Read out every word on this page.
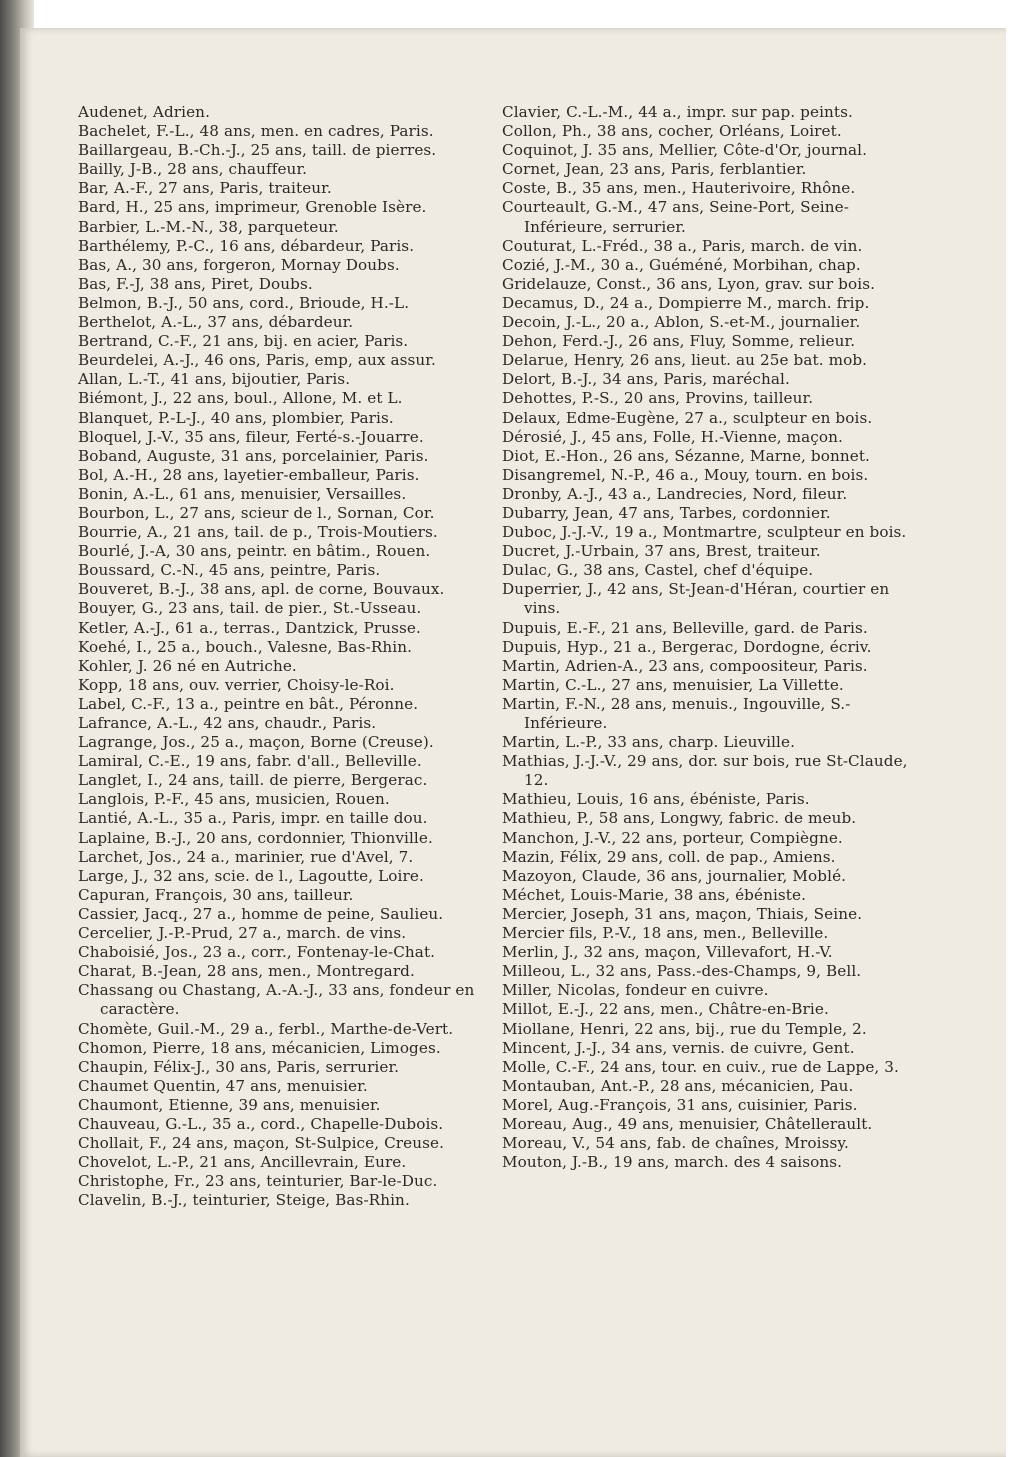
Audenet, Adrien.
Bachelet, F.-L., 48 ans, men. en cadres, Paris.
Baillargeau, B.-Ch.-J., 25 ans, taill. de pierres.
Bailly, J-B., 28 ans, chauffeur.
Bar, A.-F., 27 ans, Paris, traiteur.
Bard, H., 25 ans, imprimeur, Grenoble Isère.
Barbier, L.-M.-N., 38, parqueteur.
Barthélemy, P.-C., 16 ans, débardeur, Paris.
Bas, A., 30 ans, forgeron, Mornay Doubs.
Bas, F.-J, 38 ans, Piret, Doubs.
Belmon, B.-J., 50 ans, cord., Brioude, H.-L.
Berthelot, A.-L., 37 ans, débardeur.
Bertrand, C.-F., 21 ans, bij. en acier, Paris.
Beurdelei, A.-J., 46 ons, Paris, emp, aux assur.
Allan, L.-T., 41 ans, bijoutier, Paris.
Biémont, J., 22 ans, boul., Allone, M. et L.
Blanquet, P.-L-J., 40 ans, plombier, Paris.
Bloquel, J.-V., 35 ans, fileur, Ferté-s.-Jouarre.
Boband, Auguste, 31 ans, porcelainier, Paris.
Bol, A.-H., 28 ans, layetier-emballeur, Paris.
Bonin, A.-L., 61 ans, menuisier, Versailles.
Bourbon, L., 27 ans, scieur de l., Sornan, Cor.
Bourrie, A., 21 ans, tail. de p., Trois-Moutiers.
Bourlé, J.-A, 30 ans, peintr. en bâtim., Rouen.
Boussard, C.-N., 45 ans, peintre, Paris.
Bouveret, B.-J., 38 ans, apl. de corne, Bouvaux.
Bouyer, G., 23 ans, tail. de pier., St.-Usseau.
Ketler, A.-J., 61 a., terras., Dantzick, Prusse.
Koehé, I., 25 a., bouch., Valesne, Bas-Rhin.
Kohler, J. 26 né en Autriche.
Kopp, 18 ans, ouv. verrier, Choisy-le-Roi.
Label, C.-F., 13 a., peintre en bât., Péronne.
Lafrance, A.-L., 42 ans, chaudr., Paris.
Lagrange, Jos., 25 a., maçon, Borne (Creuse).
Lamiral, C.-E., 19 ans, fabr. d'all., Belleville.
Langlet, I., 24 ans, taill. de pierre, Bergerac.
Langlois, P.-F., 45 ans, musicien, Rouen.
Lantié, A.-L., 35 a., Paris, impr. en taille dou.
Laplaine, B.-J., 20 ans, cordonnier, Thionville.
Larchet, Jos., 24 a., marinier, rue d'Avel, 7.
Large, J., 32 ans, scie. de l., Lagoutte, Loire.
Capuran, François, 30 ans, tailleur.
Cassier, Jacq., 27 a., homme de peine, Saulieu.
Cercelier, J.-P.-Prud, 27 a., march. de vins.
Chaboisié, Jos., 23 a., corr., Fontenay-le-Chat.
Charat, B.-Jean, 28 ans, men., Montregard.
Chassang ou Chastang, A.-A.-J., 33 ans, fondeur en caractère.
Chomète, Guil.-M., 29 a., ferbl., Marthe-de-Vert.
Chomon, Pierre, 18 ans, mécanicien, Limoges.
Chaupin, Félix-J., 30 ans, Paris, serrurier.
Chaumet Quentin, 47 ans, menuisier.
Chaumont, Etienne, 39 ans, menuisier.
Chauveau, G.-L., 35 a., cord., Chapelle-Dubois.
Chollait, F., 24 ans, maçon, St-Sulpice, Creuse.
Chovelot, L.-P., 21 ans, Ancillevrain, Eure.
Christophe, Fr., 23 ans, teinturier, Bar-le-Duc.
Clavelin, B.-J., teinturier, Steige, Bas-Rhin.
Clavier, C.-L.-M., 44 a., impr. sur pap. peints.
Collon, Ph., 38 ans, cocher, Orléans, Loiret.
Coquinot, J. 35 ans, Mellier, Côte-d'Or, journal.
Cornet, Jean, 23 ans, Paris, ferblantier.
Coste, B., 35 ans, men., Hauterivoire, Rhône.
Courteault, G.-M., 47 ans, Seine-Port, Seine-Inférieure, serrurier.
Couturat, L.-Fréd., 38 a., Paris, march. de vin.
Cozié, J.-M., 30 a., Guéméné, Morbihan, chap.
Gridelauze, Const., 36 ans, Lyon, grav. sur bois.
Decamus, D., 24 a., Dompierre M., march. frip.
Decoin, J.-L., 20 a., Ablon, S.-et-M., journalier.
Dehon, Ferd.-J., 26 ans, Fluy, Somme, relieur.
Delarue, Henry, 26 ans, lieut. au 25e bat. mob.
Delort, B.-J., 34 ans, Paris, maréchal.
Dehottes, P.-S., 20 ans, Provins, tailleur.
Delaux, Edme-Eugène, 27 a., sculpteur en bois.
Dérosié, J., 45 ans, Folle, H.-Vienne, maçon.
Diot, E.-Hon., 26 ans, Sézanne, Marne, bonnet.
Disangremel, N.-P., 46 a., Mouy, tourn. en bois.
Dronby, A.-J., 43 a., Landrecies, Nord, fileur.
Dubarry, Jean, 47 ans, Tarbes, cordonnier.
Duboc, J.-J.-V., 19 a., Montmartre, sculpteur en bois.
Ducret, J.-Urbain, 37 ans, Brest, traiteur.
Dulac, G., 38 ans, Castel, chef d'équipe.
Duperrier, J., 42 ans, St-Jean-d'Héran, courtier en vins.
Dupuis, E.-F., 21 ans, Belleville, gard. de Paris.
Dupuis, Hyp., 21 a., Bergerac, Dordogne, écriv.
Martin, Adrien-A., 23 ans, compoositeur, Paris.
Martin, C.-L., 27 ans, menuisier, La Villette.
Martin, F.-N., 28 ans, menuis., Ingouville, S.-Inférieure.
Martin, L.-P., 33 ans, charp. Lieuville.
Mathias, J.-J.-V., 29 ans, dor. sur bois, rue St-Claude, 12.
Mathieu, Louis, 16 ans, ébéniste, Paris.
Mathieu, P., 58 ans, Longwy, fabric. de meub.
Manchon, J.-V., 22 ans, porteur, Compiègne.
Mazin, Félix, 29 ans, coll. de pap., Amiens.
Mazoyon, Claude, 36 ans, journalier, Moblé.
Méchet, Louis-Marie, 38 ans, ébéniste.
Mercier, Joseph, 31 ans, maçon, Thiais, Seine.
Mercier fils, P.-V., 18 ans, men., Belleville.
Merlin, J., 32 ans, maçon, Villevafort, H.-V.
Milleou, L., 32 ans, Pass.-des-Champs, 9, Bell.
Miller, Nicolas, fondeur en cuivre.
Millot, E.-J., 22 ans, men., Châtre-en-Brie.
Miollane, Henri, 22 ans, bij., rue du Temple, 2.
Mincent, J.-J., 34 ans, vernis. de cuivre, Gent.
Molle, C.-F., 24 ans, tour. en cuiv., rue de Lappe, 3.
Montauban, Ant.-P., 28 ans, mécanicien, Pau.
Morel, Aug.-François, 31 ans, cuisinier, Paris.
Moreau, Aug., 49 ans, menuisier, Châtellerault.
Moreau, V., 54 ans, fab. de chaînes, Mroissy.
Mouton, J.-B., 19 ans, march. des 4 saisons.
